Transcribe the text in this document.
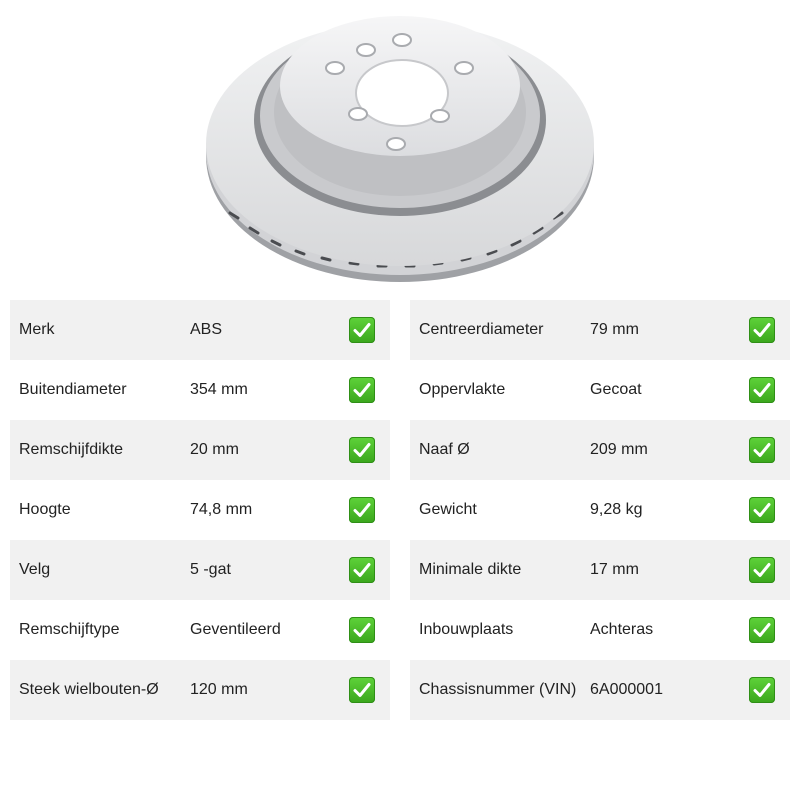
Merk	ABS
Buitendiameter	354 mm
Remschijfdikte	20 mm
Hoogte	74,8 mm
Velg	5 -gat
Remschijftype	Geventileerd
Steek wielbouten-Ø 120 mm
Centreerdiameter	79 mm
Oppervlakte	Gecoat
Naaf Ø	209 mm
Gewicht	9,28 kg
Minimale dikte	17 mm
Inbouwplaats	Achteras
Chassisnummer (VIN) 6A000001
